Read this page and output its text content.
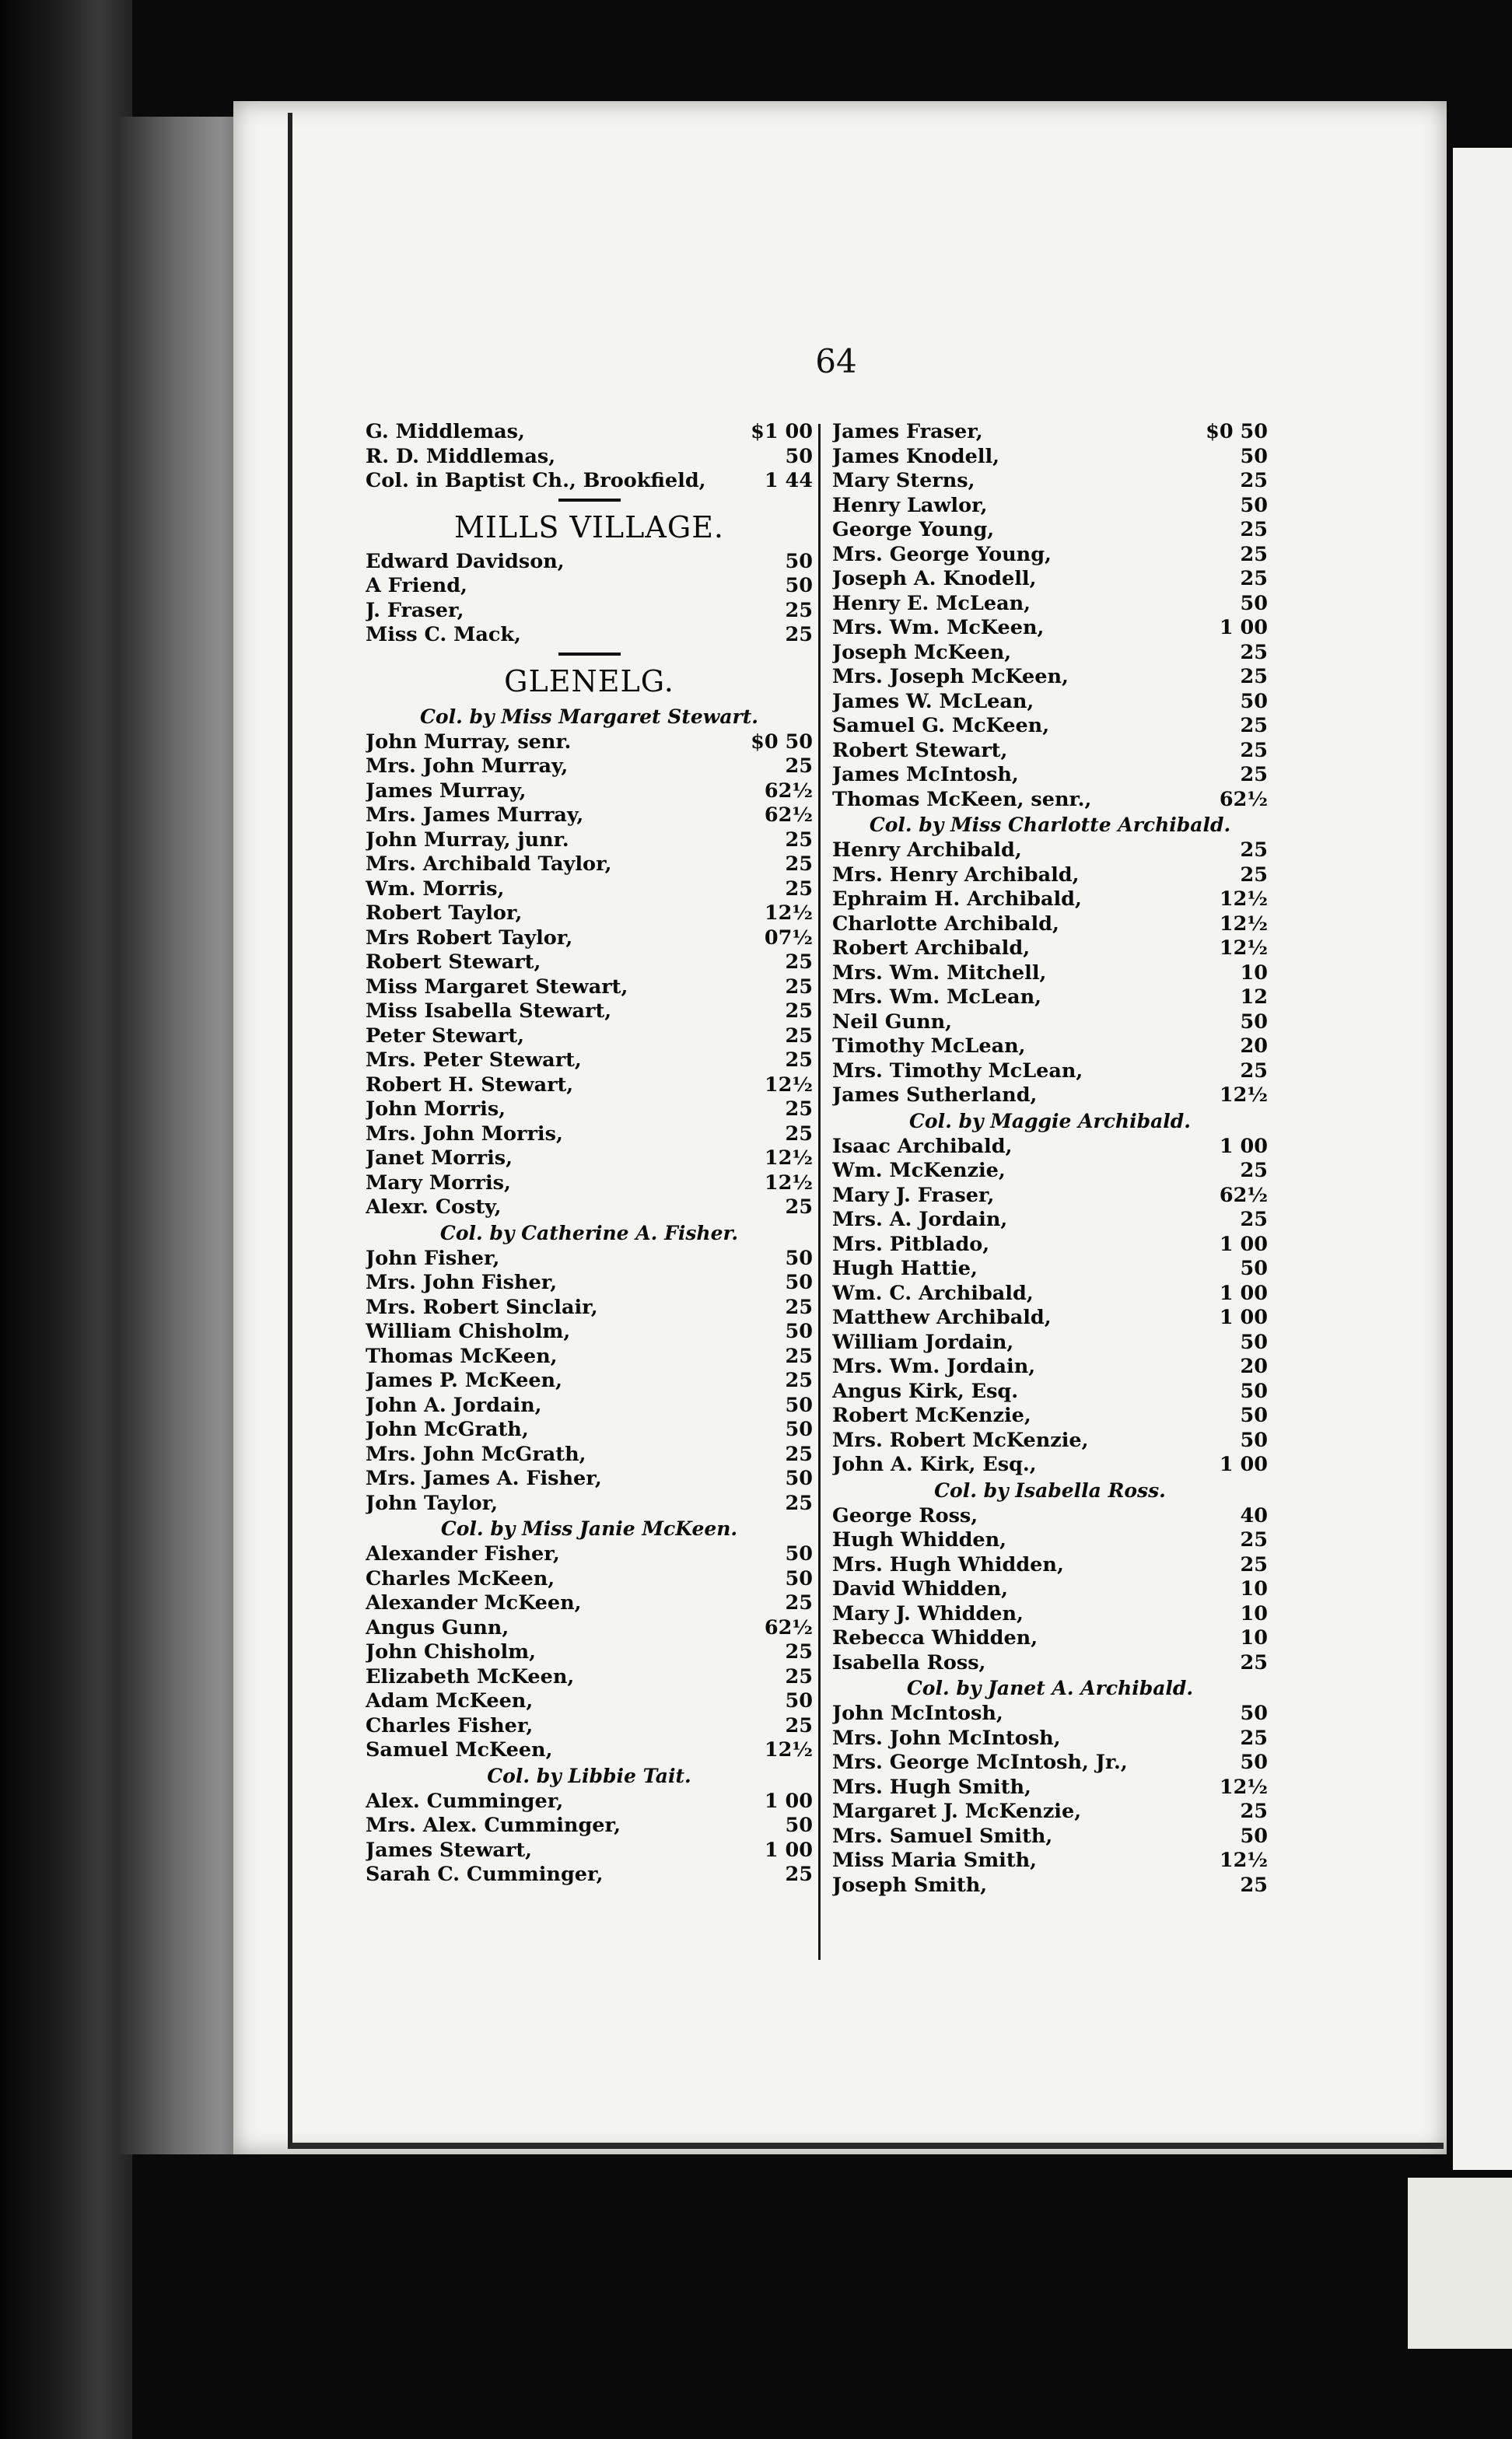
64
G. Middlemas,	$1 00
R. D. Middlemas,	50
Col. in Baptist Ch., Brookfield,	1 44
MILLS VILLAGE.
Edward Davidson,	50
A Friend,	50
J. Fraser,	25
Miss C. Mack,	25
GLENELG.
Col. by Miss Margaret Stewart.
John Murray, senr.	$0 50
Mrs. John Murray,	25
James Murray,	62½
Mrs. James Murray,	62½
John Murray, junr.	25
Mrs. Archibald Taylor,	25
Wm. Morris,	25
Robert Taylor,	12½
Mrs Robert Taylor,	07½
Robert Stewart,	25
Miss Margaret Stewart,	25
Miss Isabella Stewart,	25
Peter Stewart,	25
Mrs. Peter Stewart,	25
Robert H. Stewart,	12½
John Morris,	25
Mrs. John Morris,	25
Janet Morris,	12½
Mary Morris,	12½
Alexr. Costy,	25
Col. by Catherine A. Fisher.
John Fisher,	50
Mrs. John Fisher,	50
Mrs. Robert Sinclair,	25
William Chisholm,	50
Thomas McKeen,	25
James P. McKeen,	25
John A. Jordain,	50
John McGrath,	50
Mrs. John McGrath,	25
Mrs. James A. Fisher,	50
John Taylor,	25
Col. by Miss Janie McKeen.
Alexander Fisher,	50
Charles McKeen,	50
Alexander McKeen,	25
Angus Gunn,	62½
John Chisholm,	25
Elizabeth McKeen,	25
Adam McKeen,	50
Charles Fisher,	25
Samuel McKeen,	12½
Col. by Libbie Tait.
Alex. Cumminger,	1 00
Mrs. Alex. Cumminger,	50
James Stewart,	1 00
Sarah C. Cumminger,	25
James Fraser,	$0 50
James Knodell,	50
Mary Sterns,	25
Henry Lawlor,	50
George Young,	25
Mrs. George Young,	25
Joseph A. Knodell,	25
Henry E. McLean,	50
Mrs. Wm. McKeen,	1 00
Joseph McKeen,	25
Mrs. Joseph McKeen,	25
James W. McLean,	50
Samuel G. McKeen,	25
Robert Stewart,	25
James McIntosh,	25
Thomas McKeen, senr.,	62½
Col. by Miss Charlotte Archibald.
Henry Archibald,	25
Mrs. Henry Archibald,	25
Ephraim H. Archibald,	12½
Charlotte Archibald,	12½
Robert Archibald,	12½
Mrs. Wm. Mitchell,	10
Mrs. Wm. McLean,	12
Neil Gunn,	50
Timothy McLean,	20
Mrs. Timothy McLean,	25
James Sutherland,	12½
Col. by Maggie Archibald.
Isaac Archibald,	1 00
Wm. McKenzie,	25
Mary J. Fraser,	62½
Mrs. A. Jordain,	25
Mrs. Pitblado,	1 00
Hugh Hattie,	50
Wm. C. Archibald,	1 00
Matthew Archibald,	1 00
William Jordain,	50
Mrs. Wm. Jordain,	20
Angus Kirk, Esq.	50
Robert McKenzie,	50
Mrs. Robert McKenzie,	50
John A. Kirk, Esq.,	1 00
Col. by Isabella Ross.
George Ross,	40
Hugh Whidden,	25
Mrs. Hugh Whidden,	25
David Whidden,	10
Mary J. Whidden,	10
Rebecca Whidden,	10
Isabella Ross,	25
Col. by Janet A. Archibald.
John McIntosh,	50
Mrs. John McIntosh,	25
Mrs. George McIntosh, Jr.,	50
Mrs. Hugh Smith,	12½
Margaret J. McKenzie,	25
Mrs. Samuel Smith,	50
Miss Maria Smith,	12½
Joseph Smith,	25
